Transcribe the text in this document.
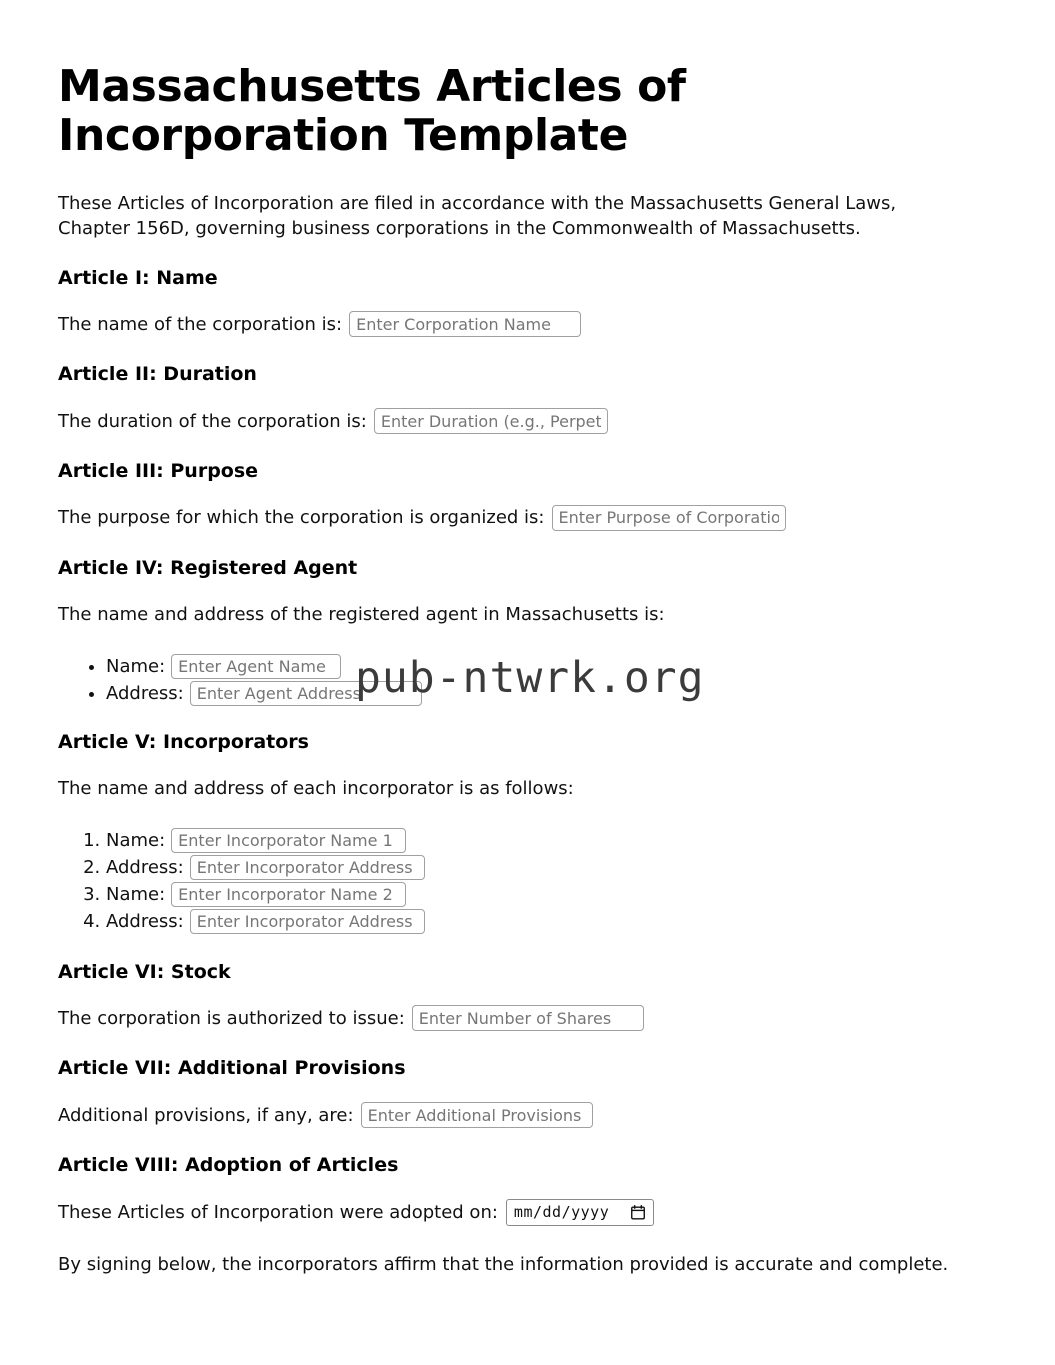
Massachusetts Articles of Incorporation Template

These Articles of Incorporation are filed in accordance with the Massachusetts General Laws, Chapter 156D, governing business corporations in the Commonwealth of Massachusetts.

Article I: Name
The name of the corporation is:
Enter Corporation Name
Article II: Duration
The duration of the corporation is:
Enter Duration (e.g., Perpetual)
Article III: Purpose
The purpose for which the corporation is organized is:
Enter Purpose of Corporation
Article IV: Registered Agent

The name and address of the registered agent in Massachusetts is:

• Name:
Enter Agent Name
• Address:
Enter Agent Address
Article V: Incorporators

The name and address of each incorporator is as follows:

1. Name:
Enter Incorporator Name 1
2. Address:
Enter Incorporator Address 1
3. Name:
Enter Incorporator Name 2
4. Address:
Enter Incorporator Address 2
Article VI: Stock
The corporation is authorized to issue:
Enter Number of Shares
Article VII: Additional Provisions
Additional provisions, if any, are:
Enter Additional Provisions
Article VIII: Adoption of Articles
These Articles of Incorporation were adopted on: mm/dd/yyyy

By signing below, the incorporators affirm that the information provided is accurate and complete.

pub-ntwrk.org
